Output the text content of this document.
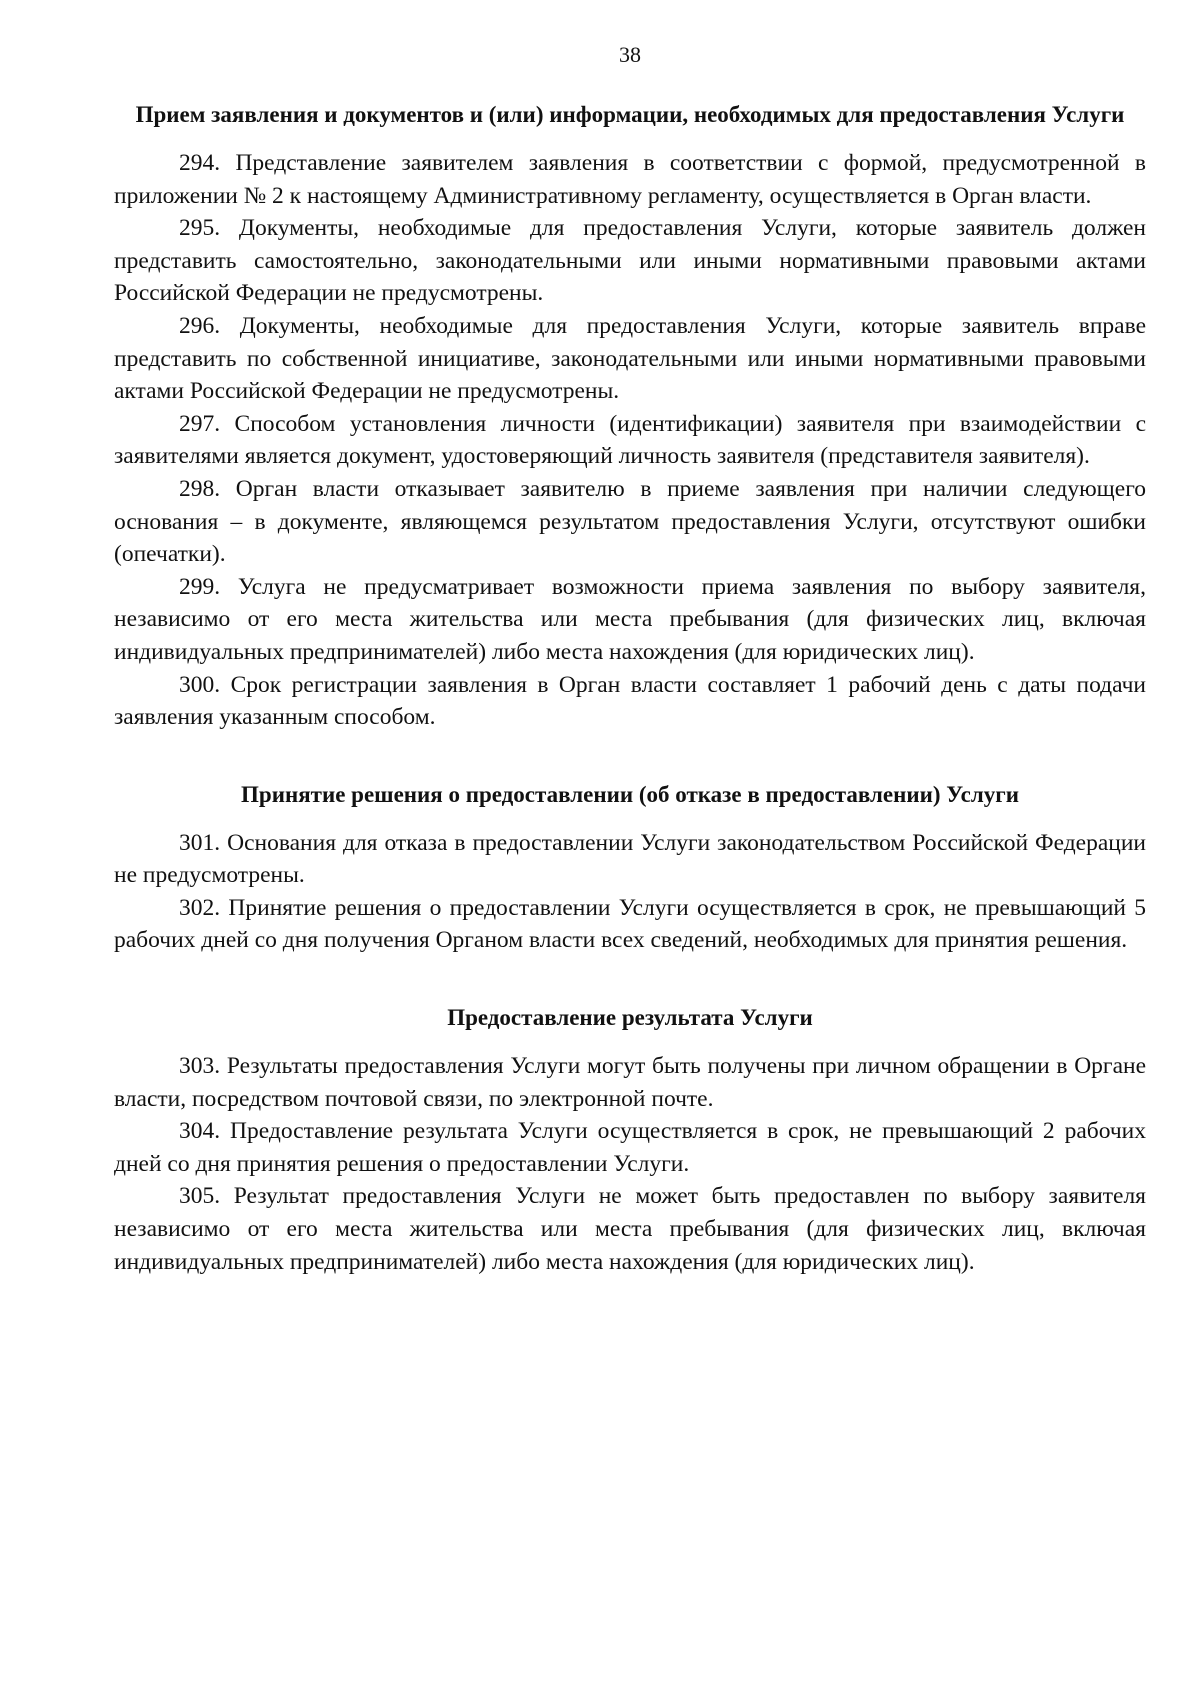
38
Прием заявления и документов и (или) информации, необходимых для предоставления Услуги

294. Представление заявителем заявления в соответствии с формой, предусмотренной в приложении № 2 к настоящему Административному регламенту, осуществляется в Орган власти.

295. Документы, необходимые для предоставления Услуги, которые заявитель должен представить самостоятельно, законодательными или иными нормативными правовыми актами Российской Федерации не предусмотрены.

296. Документы, необходимые для предоставления Услуги, которые заявитель вправе представить по собственной инициативе, законодательными или иными нормативными правовыми актами Российской Федерации не предусмотрены.

297. Способом установления личности (идентификации) заявителя при взаимодействии с заявителями является документ, удостоверяющий личность заявителя (представителя заявителя).

298. Орган власти отказывает заявителю в приеме заявления при наличии следующего основания – в документе, являющемся результатом предоставления Услуги, отсутствуют ошибки (опечатки).

299. Услуга не предусматривает возможности приема заявления по выбору заявителя, независимо от его места жительства или места пребывания (для физических лиц, включая индивидуальных предпринимателей) либо места нахождения (для юридических лиц).

300. Срок регистрации заявления в Орган власти составляет 1 рабочий день с даты подачи заявления указанным способом.

Принятие решения о предоставлении (об отказе в предоставлении) Услуги

301. Основания для отказа в предоставлении Услуги законодательством Российской Федерации не предусмотрены.

302. Принятие решения о предоставлении Услуги осуществляется в срок, не превышающий 5 рабочих дней со дня получения Органом власти всех сведений, необходимых для принятия решения.

Предоставление результата Услуги

303. Результаты предоставления Услуги могут быть получены при личном обращении в Органе власти, посредством почтовой связи, по электронной почте.

304. Предоставление результата Услуги осуществляется в срок, не превышающий 2 рабочих дней со дня принятия решения о предоставлении Услуги.

305. Результат предоставления Услуги не может быть предоставлен по выбору заявителя независимо от его места жительства или места пребывания (для физических лиц, включая индивидуальных предпринимателей) либо места нахождения (для юридических лиц).
